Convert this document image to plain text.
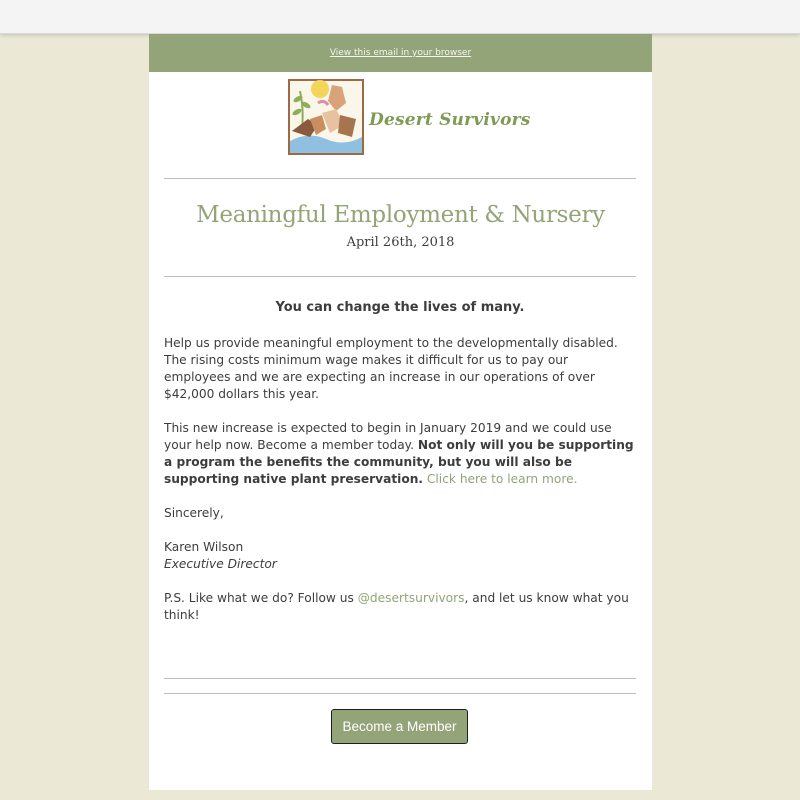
View this email in your browser
Desert Survivors
Meaningful Employment & Nursery
April 26th, 2018
You can change the lives of many.

Help us provide meaningful employment to the developmentally disabled. The rising costs minimum wage makes it difficult for us to pay our employees and we are expecting an increase in our operations of over $42,000 dollars this year.

This new increase is expected to begin in January 2019 and we could use your help now. Become a member today. Not only will you be supporting a program the benefits the community, but you will also be supporting native plant preservation. Click here to learn more.

Sincerely,

Karen Wilson
Executive Director

P.S. Like what we do? Follow us @desertsurvivors, and let us know what you think!

Become a Member
